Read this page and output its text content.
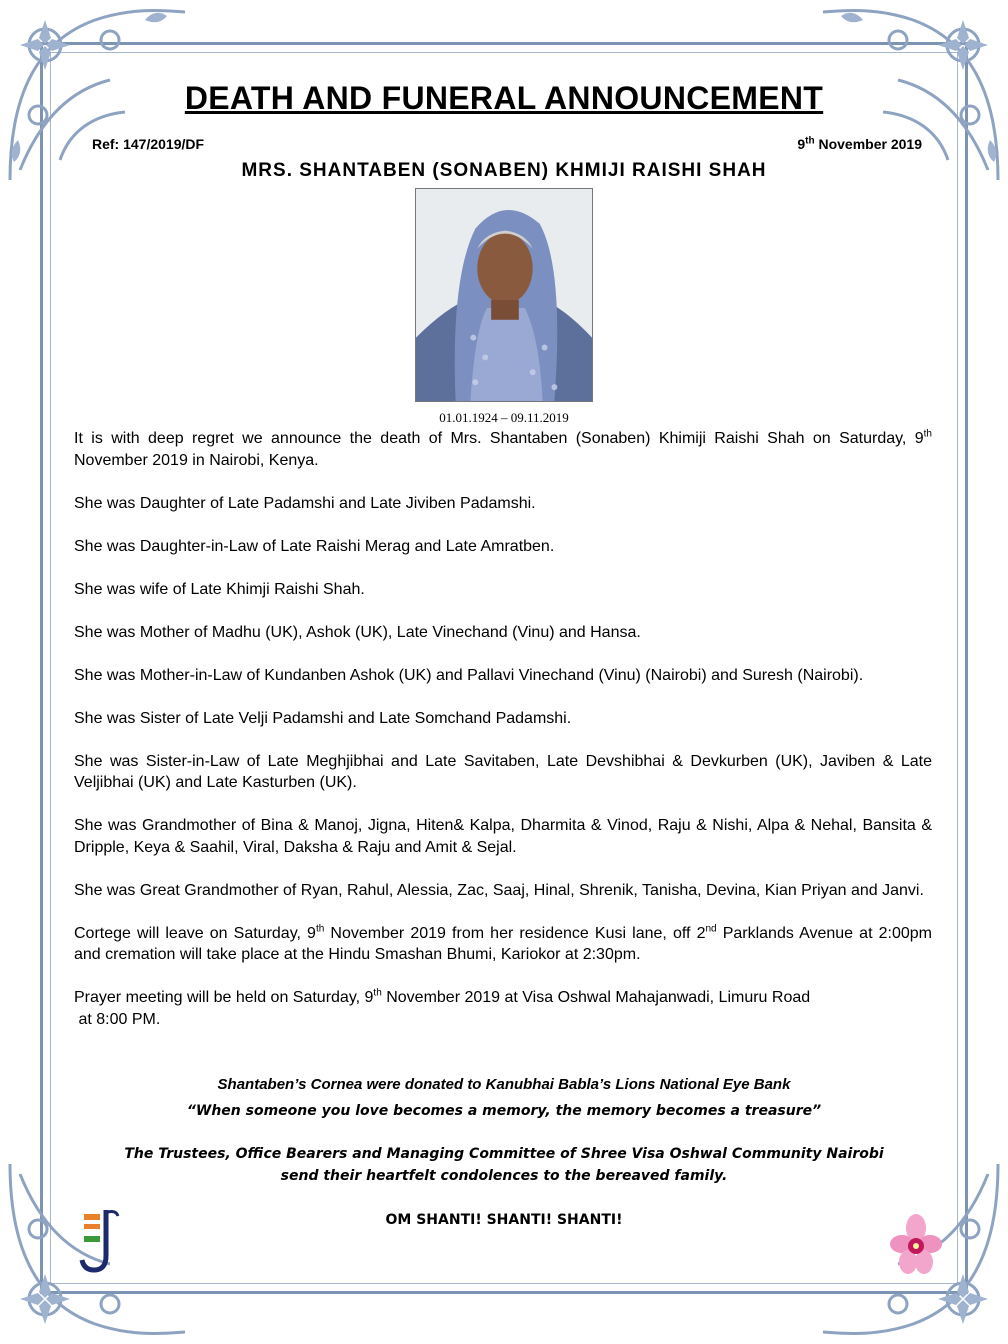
DEATH AND FUNERAL ANNOUNCEMENT
Ref: 147/2019/DF	9th November 2019
MRS. SHANTABEN (SONABEN) KHMIJI RAISHI SHAH
01.01.1924 – 09.11.2019

It is with deep regret we announce the death of Mrs. Shantaben (Sonaben) Khimiji Raishi Shah on Saturday, 9th November 2019 in Nairobi, Kenya.

She was Daughter of Late Padamshi and Late Jiviben Padamshi.

She was Daughter-in-Law of Late Raishi Merag and Late Amratben.

She was wife of Late Khimji Raishi Shah.

She was Mother of Madhu (UK), Ashok (UK), Late Vinechand (Vinu) and Hansa.

She was Mother-in-Law of Kundanben Ashok (UK) and Pallavi Vinechand (Vinu) (Nairobi) and Suresh (Nairobi).

She was Sister of Late Velji Padamshi and Late Somchand Padamshi.

She was Sister-in-Law of Late Meghjibhai and Late Savitaben, Late Devshibhai & Devkurben (UK), Javiben & Late Veljibhai (UK) and Late Kasturben (UK).

She was Grandmother of Bina & Manoj, Jigna, Hiten& Kalpa, Dharmita & Vinod, Raju & Nishi, Alpa & Nehal, Bansita & Dripple, Keya & Saahil, Viral, Daksha & Raju and Amit & Sejal.

She was Great Grandmother of Ryan, Rahul, Alessia, Zac, Saaj, Hinal, Shrenik, Tanisha, Devina, Kian Priyan and Janvi.

Cortege will leave on Saturday, 9th November 2019 from her residence Kusi lane, off 2nd Parklands Avenue at 2:00pm and cremation will take place at the Hindu Smashan Bhumi, Kariokor at 2:30pm.

Prayer meeting will be held on Saturday, 9th November 2019 at Visa Oshwal Mahajanwadi, Limuru Road
at 8:00 PM.

Shantaben’s Cornea were donated to Kanubhai Babla’s Lions National Eye Bank
“When someone you love becomes a memory, the memory becomes a treasure”
The Trustees, Office Bearers and Managing Committee of Shree Visa Oshwal Community Nairobi
send their heartfelt condolences to the bereaved family.
OM SHANTI! SHANTI! SHANTI!
